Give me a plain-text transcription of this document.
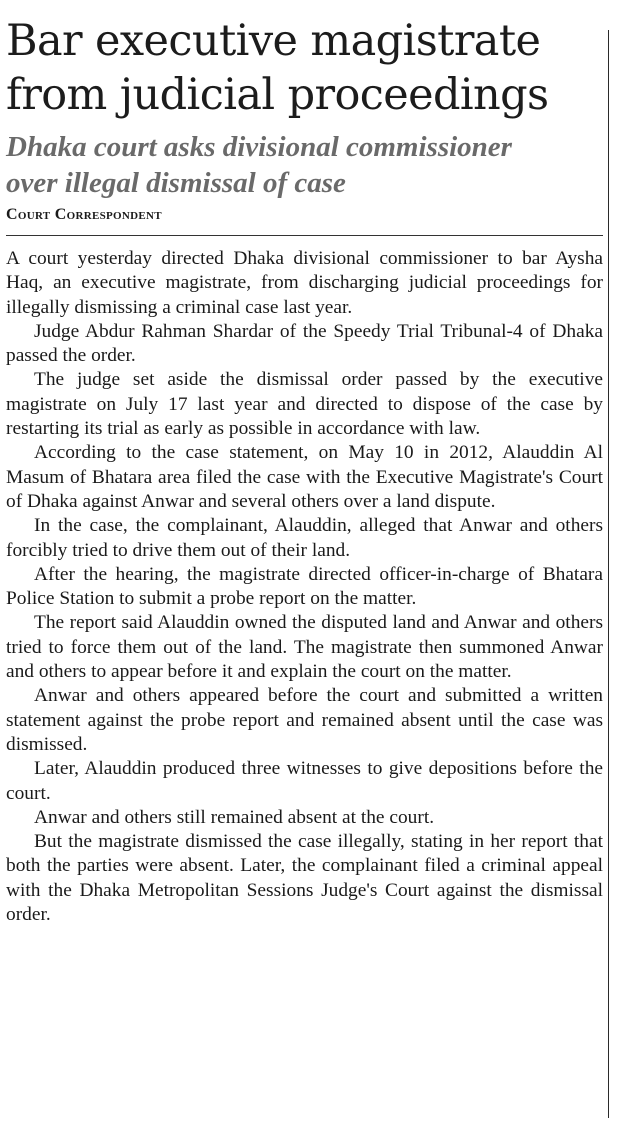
Bar executive magistrate
from judicial proceedings
Dhaka court asks divisional commissioner
over illegal dismissal of case
Court Correspondent

A court yesterday directed Dhaka divisional commissioner to bar Aysha Haq, an executive magistrate, from discharging judicial proceedings for illegally dismissing a criminal case last year.

Judge Abdur Rahman Shardar of the Speedy Trial Tribunal-4 of Dhaka passed the order.

The judge set aside the dismissal order passed by the executive magistrate on July 17 last year and directed to dispose of the case by restarting its trial as early as possible in accordance with law.

According to the case statement, on May 10 in 2012, Alauddin Al Masum of Bhatara area filed the case with the Executive Magistrate's Court of Dhaka against Anwar and several others over a land dispute.

In the case, the complainant, Alauddin, alleged that Anwar and others forcibly tried to drive them out of their land.

After the hearing, the magistrate directed officer-in-charge of Bhatara Police Station to submit a probe report on the matter.

The report said Alauddin owned the disputed land and Anwar and others tried to force them out of the land. The magistrate then summoned Anwar and others to appear before it and explain the court on the matter.

Anwar and others appeared before the court and submitted a written statement against the probe report and remained absent until the case was dismissed.

Later, Alauddin produced three witnesses to give depositions before the court.

Anwar and others still remained absent at the court.

But the magistrate dismissed the case illegally, stating in her report that both the parties were absent. Later, the complainant filed a criminal appeal with the Dhaka Metropolitan Sessions Judge's Court against the dismissal order.
